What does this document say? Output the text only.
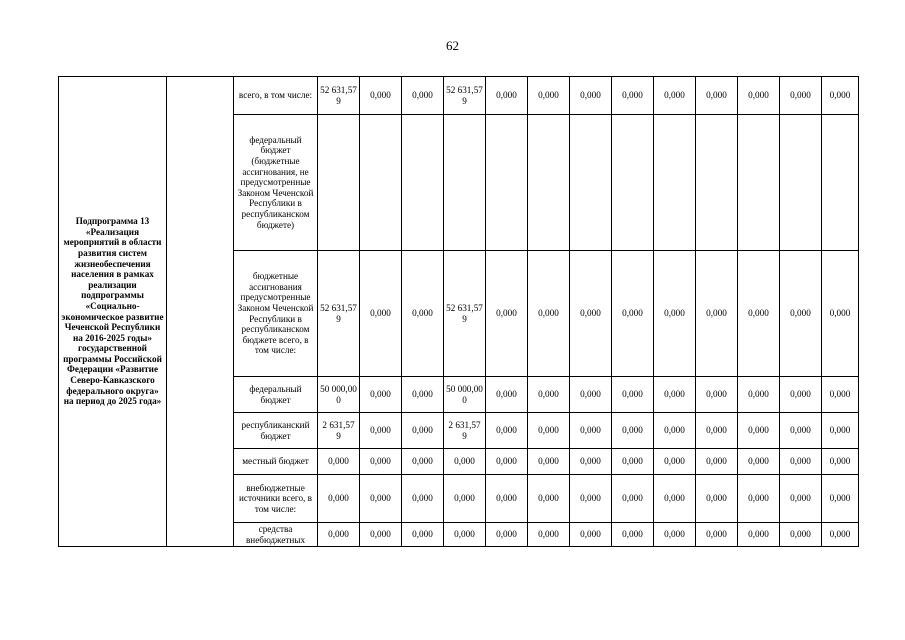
62
Подпрограмма 13 «Реализация мероприятий в области развития систем жизнеобеспечения населения в рамках реализации подпрограммы «Социально-экономическое развитие Чеченской Республики на 2016-2025 годы» государственной программы Российской Федерации «Развитие Северо-Кавказского федерального округа» на период до 2025 года»		всего, в том числе:	52 631,57 9	0,000	0,000	52 631,57 9	0,000	0,000	0,000	0,000	0,000	0,000	0,000	0,000	0,000
		федеральный бюджет (бюджетные ассигнования, не предусмотренные Законом Чеченской Республики в республиканском бюджете)													
		бюджетные ассигнования предусмотренные Законом Чеченской Республики в республиканском бюджете всего, в том числе:	52 631,57 9	0,000	0,000	52 631,57 9	0,000	0,000	0,000	0,000	0,000	0,000	0,000	0,000	0,000
		федеральный бюджет	50 000,00 0	0,000	0,000	50 000,00 0	0,000	0,000	0,000	0,000	0,000	0,000	0,000	0,000	0,000
		республиканский бюджет	2 631,57 9	0,000	0,000	2 631,57 9	0,000	0,000	0,000	0,000	0,000	0,000	0,000	0,000	0,000
		местный бюджет	0,000	0,000	0,000	0,000	0,000	0,000	0,000	0,000	0,000	0,000	0,000	0,000	0,000
		внебюджетные источники всего, в том числе:	0,000	0,000	0,000	0,000	0,000	0,000	0,000	0,000	0,000	0,000	0,000	0,000	0,000
		средства внебюджетных	0,000	0,000	0,000	0,000	0,000	0,000	0,000	0,000	0,000	0,000	0,000	0,000	0,000
